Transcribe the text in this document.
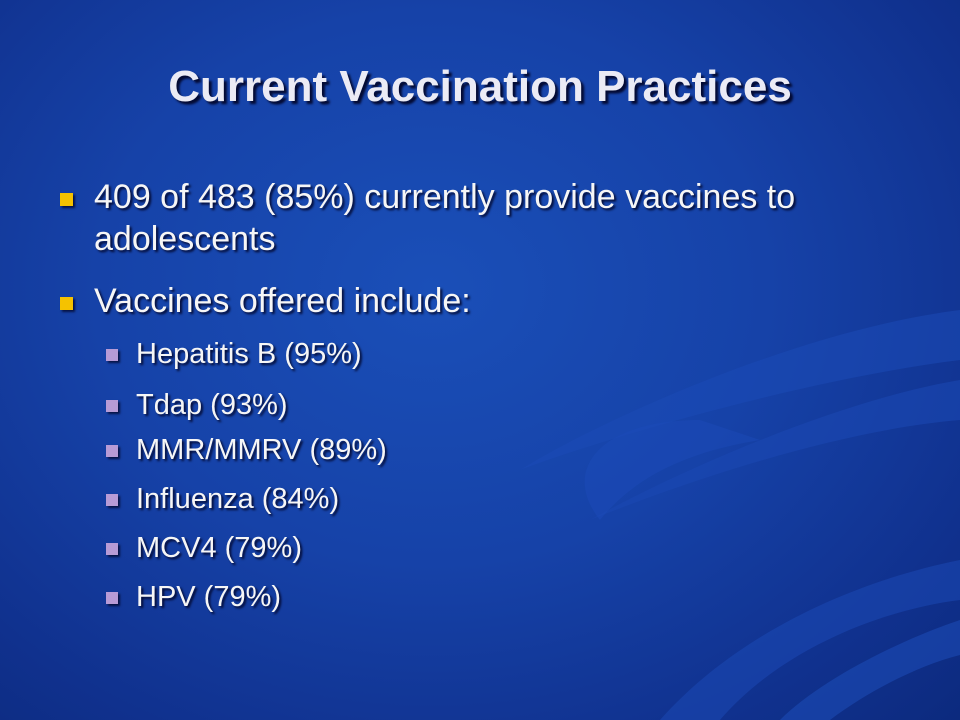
Current Vaccination Practices
409 of 483 (85%) currently provide vaccines to adolescents
Vaccines offered include:
Hepatitis B (95%)
Tdap (93%)
MMR/MMRV (89%)
Influenza (84%)
MCV4 (79%)
HPV (79%)
